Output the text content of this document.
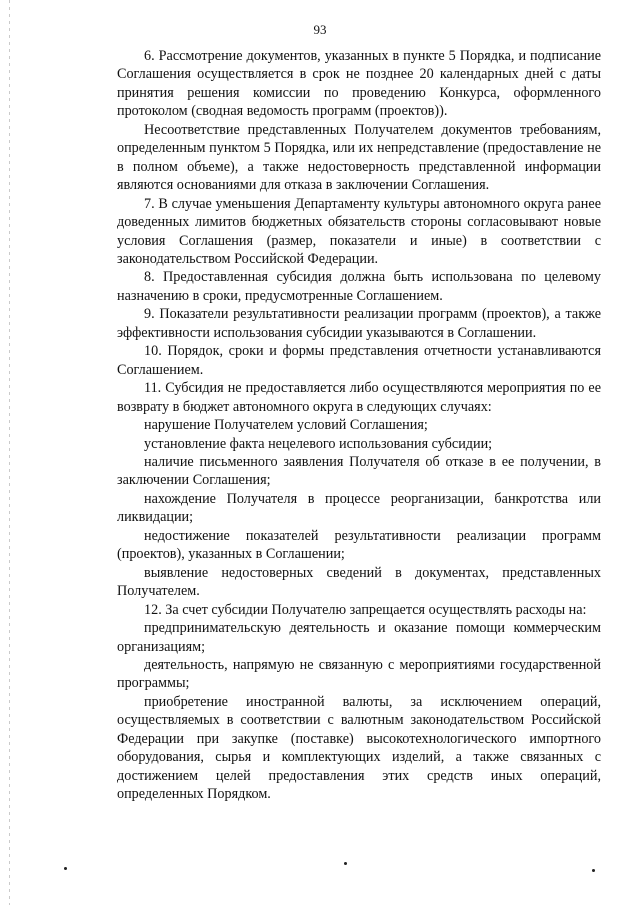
93

6. Рассмотрение документов, указанных в пункте 5 Порядка, и подписание Соглашения осуществляется в срок не позднее 20 календарных дней с даты принятия решения комиссии по проведению Конкурса, оформленного протоколом (сводная ведомость программ (проектов)).

Несоответствие представленных Получателем документов требованиям, определенным пунктом 5 Порядка, или их непредставление (предоставление не в полном объеме), а также недостоверность представленной информации являются основаниями для отказа в заключении Соглашения.

7. В случае уменьшения Департаменту культуры автономного округа ранее доведенных лимитов бюджетных обязательств стороны согласовывают новые условия Соглашения (размер, показатели и иные) в соответствии с законодательством Российской Федерации.

8. Предоставленная субсидия должна быть использована по целевому назначению в сроки, предусмотренные Соглашением.

9. Показатели результативности реализации программ (проектов), а также эффективности использования субсидии указываются в Соглашении.

10. Порядок, сроки и формы представления отчетности устанавливаются Соглашением.

11. Субсидия не предоставляется либо осуществляются мероприятия по ее возврату в бюджет автономного округа в следующих случаях:

нарушение Получателем условий Соглашения;

установление факта нецелевого использования субсидии;

наличие письменного заявления Получателя об отказе в ее получении, в заключении Соглашения;

нахождение Получателя в процессе реорганизации, банкротства или ликвидации;

недостижение показателей результативности реализации программ (проектов), указанных в Соглашении;

выявление недостоверных сведений в документах, представленных Получателем.

12. За счет субсидии Получателю запрещается осуществлять расходы на:

предпринимательскую деятельность и оказание помощи коммерческим организациям;

деятельность, напрямую не связанную с мероприятиями государственной программы;

приобретение иностранной валюты, за исключением операций, осуществляемых в соответствии с валютным законодательством Российской Федерации при закупке (поставке) высокотехнологического импортного оборудования, сырья и комплектующих изделий, а также связанных с достижением целей предоставления этих средств иных операций, определенных Порядком.
